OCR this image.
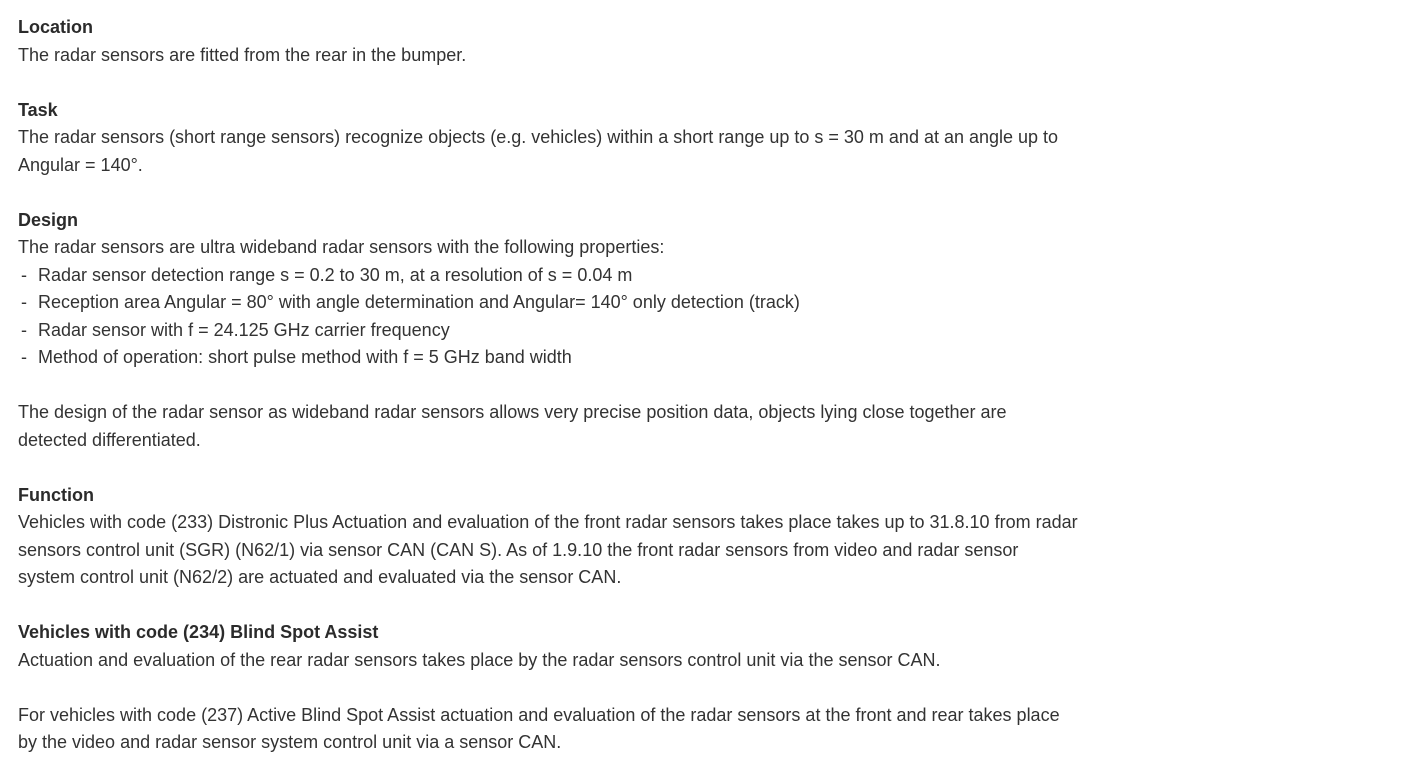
Location

The radar sensors are fitted from the rear in the bumper.

Task

The radar sensors (short range sensors) recognize objects (e.g. vehicles) within a short range up to s = 30 m and at an angle up to Angular = 140°.

Design

The radar sensors are ultra wideband radar sensors with the following properties:

- Radar sensor detection range s = 0.2 to 30 m, at a resolution of s = 0.04 m
- Reception area Angular = 80° with angle determination and Angular= 140° only detection (track)
- Radar sensor with f = 24.125 GHz carrier frequency
- Method of operation: short pulse method with f = 5 GHz band width

The design of the radar sensor as wideband radar sensors allows very precise position data, objects lying close together are detected differentiated.

Function

Vehicles with code (233) Distronic Plus Actuation and evaluation of the front radar sensors takes place takes up to 31.8.10 from radar sensors control unit (SGR) (N62/1) via sensor CAN (CAN S). As of 1.9.10 the front radar sensors from video and radar sensor system control unit (N62/2) are actuated and evaluated via the sensor CAN.

Vehicles with code (234) Blind Spot Assist

Actuation and evaluation of the rear radar sensors takes place by the radar sensors control unit via the sensor CAN.

For vehicles with code (237) Active Blind Spot Assist actuation and evaluation of the radar sensors at the front and rear takes place by the video and radar sensor system control unit via a sensor CAN.
